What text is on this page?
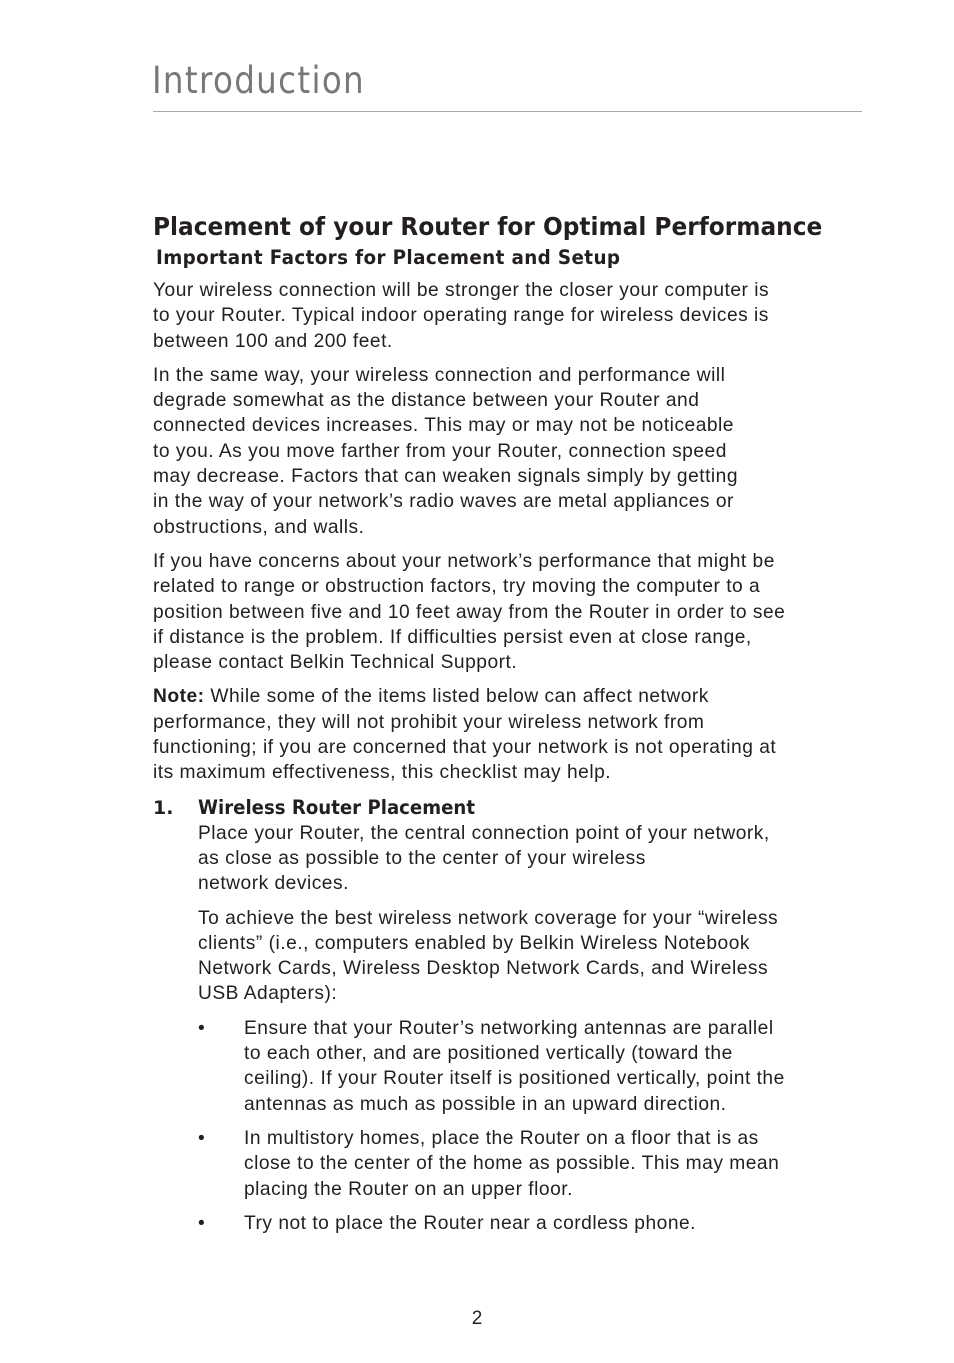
Introduction
Placement of your Router for Optimal Performance
Important Factors for Placement and Setup

Your wireless connection will be stronger the closer your computer is
to your Router. Typical indoor operating range for wireless devices is
between 100 and 200 feet.

In the same way, your wireless connection and performance will
degrade somewhat as the distance between your Router and
connected devices increases. This may or may not be noticeable
to you. As you move farther from your Router, connection speed
may decrease. Factors that can weaken signals simply by getting
in the way of your network’s radio waves are metal appliances or
obstructions, and walls.

If you have concerns about your network’s performance that might be
related to range or obstruction factors, try moving the computer to a
position between five and 10 feet away from the Router in order to see
if distance is the problem. If difficulties persist even at close range,
please contact Belkin Technical Support.

Note: While some of the items listed below can affect network
performance, they will not prohibit your wireless network from
functioning; if you are concerned that your network is not operating at
its maximum effectiveness, this checklist may help.

1. Wireless Router Placement

Place your Router, the central connection point of your network,
as close as possible to the center of your wireless
network devices.

To achieve the best wireless network coverage for your “wireless
clients” (i.e., computers enabled by Belkin Wireless Notebook
Network Cards, Wireless Desktop Network Cards, and Wireless
USB Adapters):

• Ensure that your Router’s networking antennas are parallel
to each other, and are positioned vertically (toward the
ceiling). If your Router itself is positioned vertically, point the
antennas as much as possible in an upward direction.
• In multistory homes, place the Router on a floor that is as
close to the center of the home as possible. This may mean
placing the Router on an upper floor.
• Try not to place the Router near a cordless phone.
2
